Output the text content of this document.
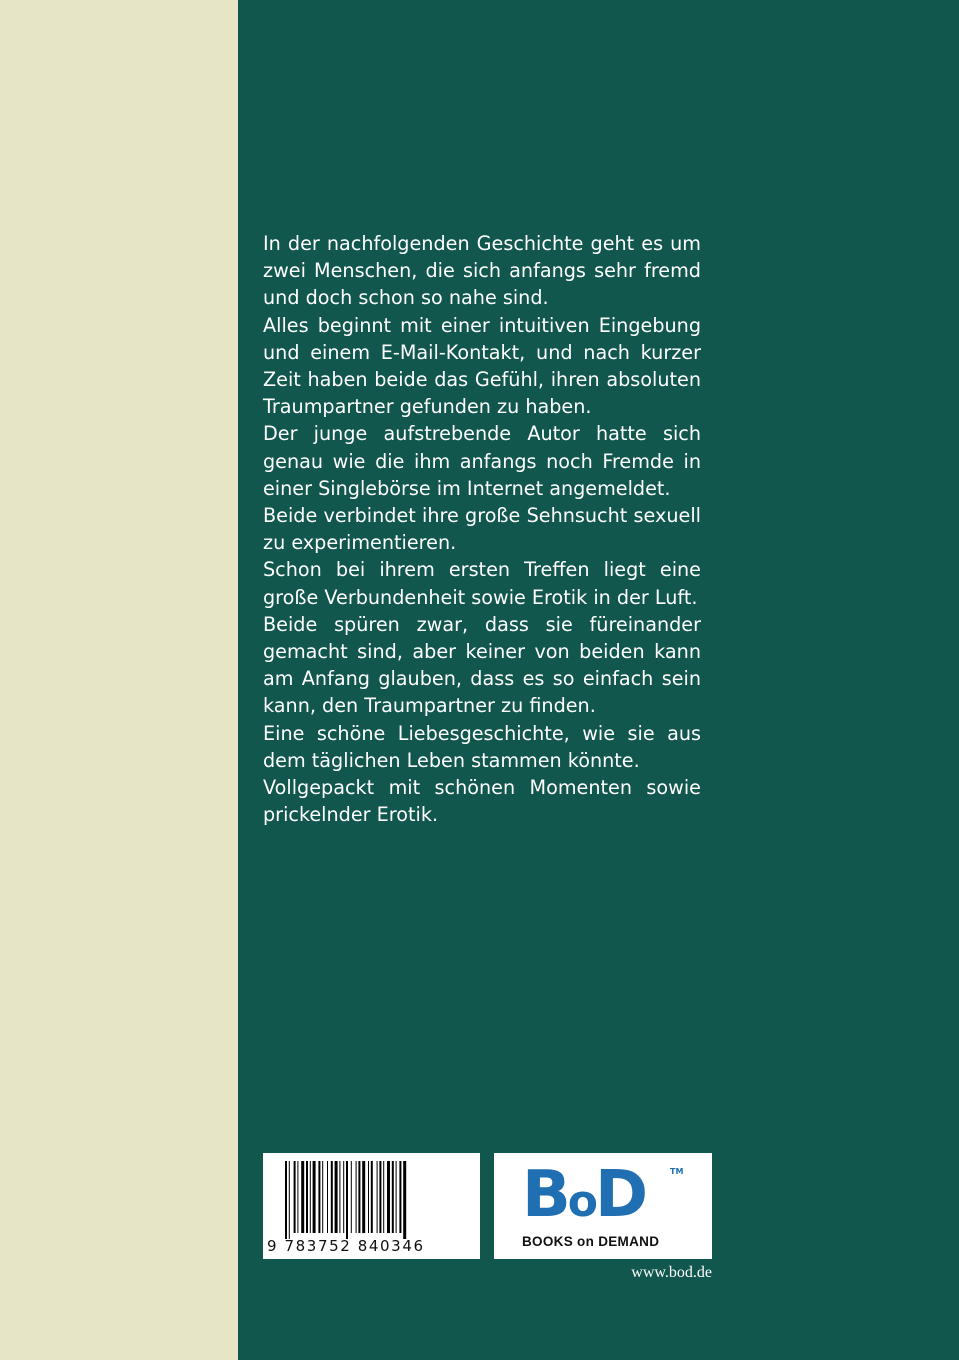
In der nachfolgenden Geschichte geht es um zwei Menschen, die sich anfangs sehr fremd und doch schon so nahe sind.

Alles beginnt mit einer intuitiven Eingebung und einem E-Mail-Kontakt, und nach kurzer Zeit haben beide das Gefühl, ihren absoluten Traumpartner gefunden zu haben.

Der junge aufstrebende Autor hatte sich genau wie die ihm anfangs noch Fremde in einer Singlebörse im Internet angemeldet.

Beide verbindet ihre große Sehnsucht sexuell zu experimentieren.

Schon bei ihrem ersten Treffen liegt eine große Verbundenheit sowie Erotik in der Luft.

Beide spüren zwar, dass sie füreinander gemacht sind, aber keiner von beiden kann am Anfang glauben, dass es so einfach sein kann, den Traumpartner zu finden.

Eine schöne Liebesgeschichte, wie sie aus dem täglichen Leben stammen könnte.

Vollgepackt mit schönen Momenten sowie prickelnder Erotik.

9 783752 840346
BoD	TM
BOOKS on DEMAND
www.bod.de
